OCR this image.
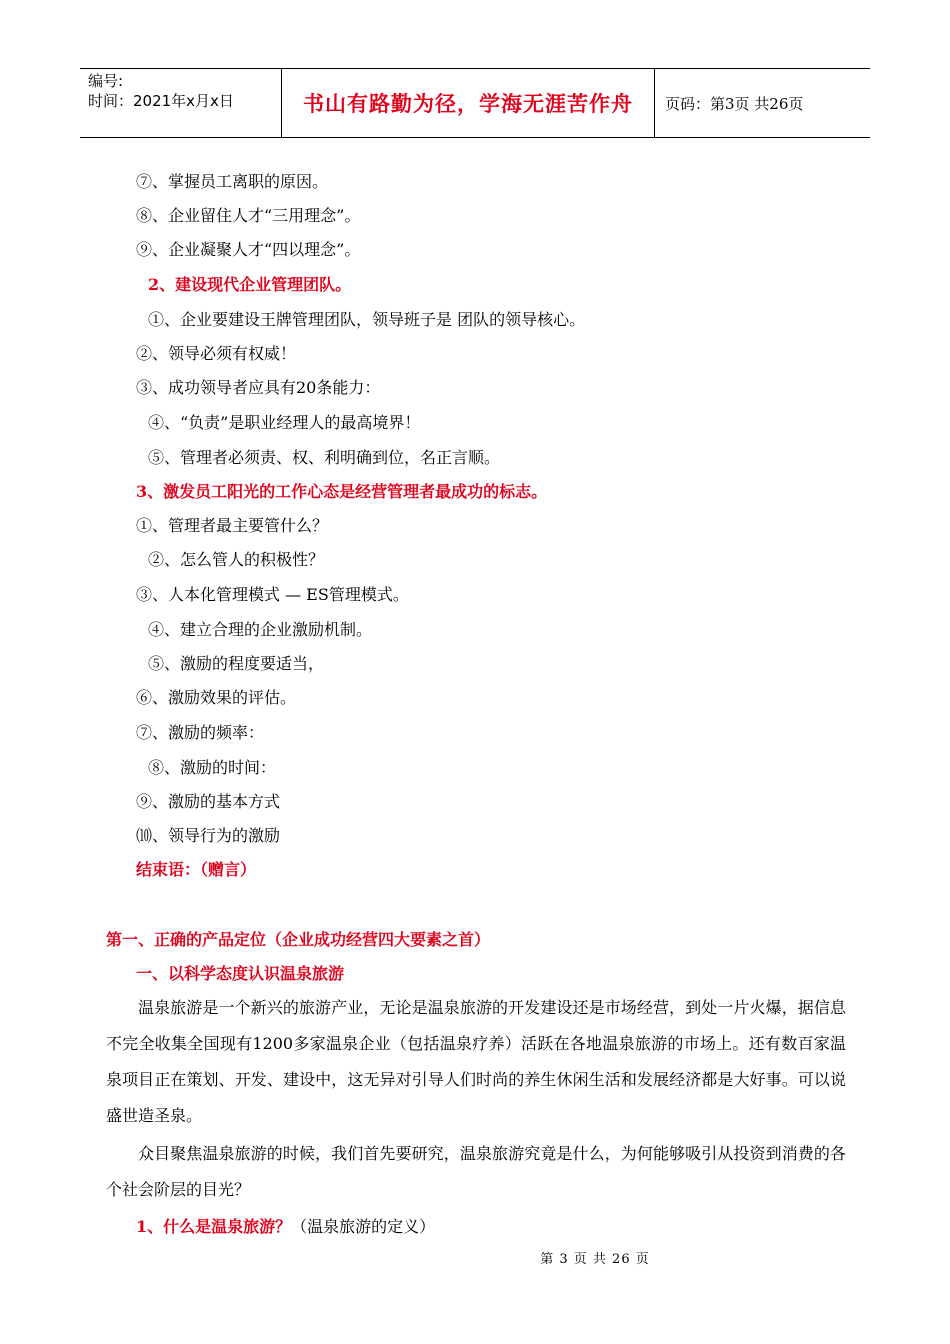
编号:
时间：2021年x月x日	书山有路勤为径，学海无涯苦作舟	页码：第3页 共26页
⑦、掌握员工离职的原因。
⑧、企业留住人才“三用理念”。
⑨、企业凝聚人才“四以理念”。
2、建设现代企业管理团队。
①、企业要建设王牌管理团队，领导班子是 团队的领导核心。
②、领导必须有权威！
③、成功领导者应具有20条能力：
④、“负责”是职业经理人的最高境界！
⑤、管理者必须责、权、利明确到位，名正言顺。
3、激发员工阳光的工作心态是经营管理者最成功的标志。
①、管理者最主要管什么？
②、怎么管人的积极性？
③、人本化管理模式 — ES管理模式。
④、建立合理的企业激励机制。
⑤、激励的程度要适当，
⑥、激励效果的评估。
⑦、激励的频率：
⑧、激励的时间：
⑨、激励的基本方式
⑽、领导行为的激励
结束语：（赠言）
第一、正确的产品定位（企业成功经营四大要素之首）
一、以科学态度认识温泉旅游
温泉旅游是一个新兴的旅游产业，无论是温泉旅游的开发建设还是市场经营，到处一片火爆，据信息不完全收集全国现有1200多家温泉企业（包括温泉疗养）活跃在各地温泉旅游的市场上。还有数百家温泉项目正在策划、开发、建设中，这无异对引导人们时尚的养生休闲生活和发展经济都是大好事。可以说盛世造圣泉。
众目聚焦温泉旅游的时候，我们首先要研究，温泉旅游究竟是什么，为何能够吸引从投资到消费的各个社会阶层的目光？
1、什么是温泉旅游？（温泉旅游的定义）
第 3 页 共 26 页
